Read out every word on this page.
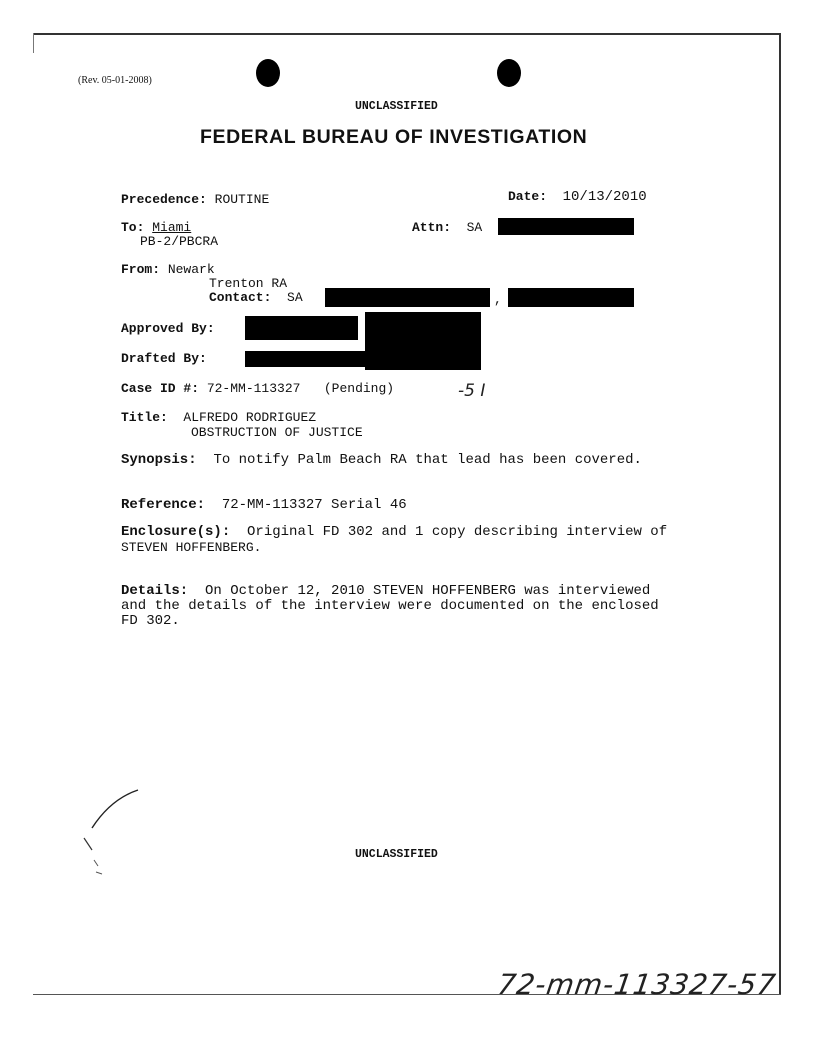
(Rev. 05-01-2008)
UNCLASSIFIED
FEDERAL BUREAU OF INVESTIGATION
Precedence: ROUTINE	Date: 10/13/2010
To: Miami
PB-2/PBCRA
Attn: SA
From: Newark
Trenton RA
Contact: SA	,
Approved By:
Drafted By:
Case ID #: 72-MM-113327 (Pending)	-5 I
Title: ALFREDO RODRIGUEZ
OBSTRUCTION OF JUSTICE
Synopsis: To notify Palm Beach RA that lead has been covered.
Reference: 72-MM-113327 Serial 46
Enclosure(s): Original FD 302 and 1 copy describing interview of
STEVEN HOFFENBERG.
Details: On October 12, 2010 STEVEN HOFFENBERG was interviewed
and the details of the interview were documented on the enclosed
FD 302.
UNCLASSIFIED
72-mm-113327-57
